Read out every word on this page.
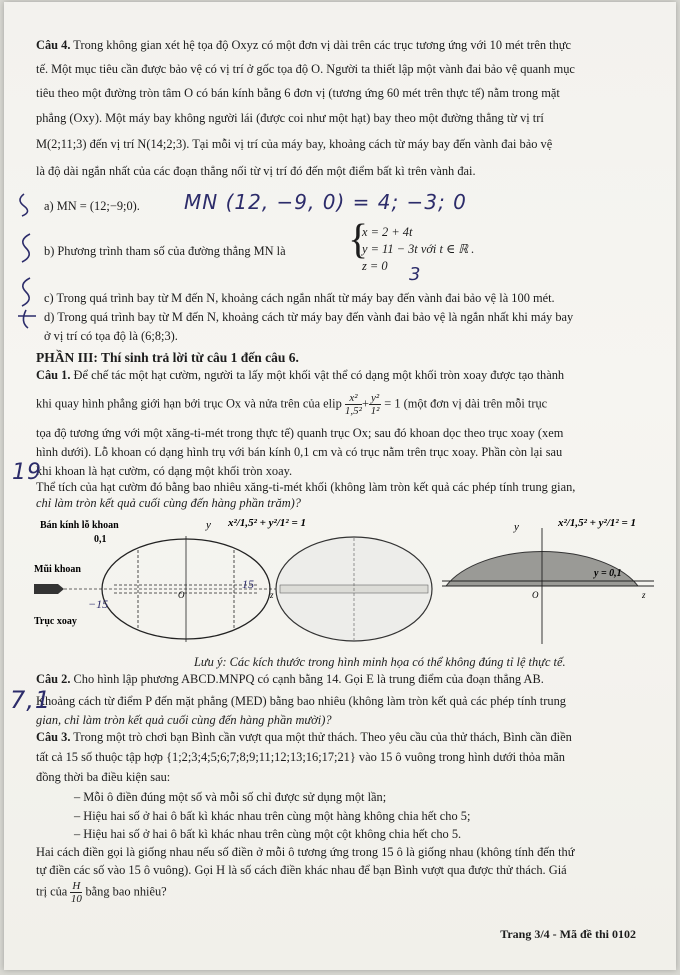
Câu 4. Trong không gian xét hệ tọa độ Oxyz có một đơn vị dài trên các trục tương ứng với 10 mét trên thực
tế. Một mục tiêu cần được bảo vệ có vị trí ở gốc tọa độ O. Người ta thiết lập một vành đai bảo vệ quanh mục
tiêu theo một đường tròn tâm O có bán kính bằng 6 đơn vị (tương ứng 60 mét trên thực tế) nằm trong mặt
phẳng (Oxy). Một máy bay không người lái (được coi như một hạt) bay theo một đường thẳng từ vị trí
M(2;11;3) đến vị trí N(14;2;3). Tại mỗi vị trí của máy bay, khoảng cách từ máy bay đến vành đai bảo vệ
là độ dài ngắn nhất của các đoạn thẳng nối từ vị trí đó đến một điểm bất kì trên vành đai.
a) MN = (12;−9;0).	MN (12, −9, 0) = 4; −3; 0
b) Phương trình tham số của đường thẳng MN là	{
x = 2 + 4t
y = 11 − 3t với t ∈ ℝ .
z = 0	3
c) Trong quá trình bay từ M đến N, khoảng cách ngắn nhất từ máy bay đến vành đai bảo vệ là 100 mét.
d) Trong quá trình bay từ M đến N, khoảng cách từ máy bay đến vành đai bảo vệ là ngắn nhất khi máy bay
ở vị trí có tọa độ là (6;8;3).
PHẦN III: Thí sinh trả lời từ câu 1 đến câu 6.
Câu 1. Để chế tác một hạt cườm, người ta lấy một khối vật thể có dạng một khối tròn xoay được tạo thành
khi quay hình phẳng giới hạn bởi trục Ox và nửa trên của elip $\frac{\text{x²}}{\text{1,5²}} + \frac{\text{y²}}{\text{1²}} = 1$ (một đơn vị dài trên mỗi trục
tọa độ tương ứng với một xăng-ti-mét trong thực tế) quanh trục Ox; sau đó khoan dọc theo trục xoay (xem
hình dưới). Lỗ khoan có dạng hình trụ với bán kính 0,1 cm và có trục nằm trên trục xoay. Phần còn lại sau
khi khoan là hạt cườm, có dạng một khối tròn xoay.
Thể tích của hạt cườm đó bằng bao nhiêu xăng-ti-mét khối (không làm tròn kết quả các phép tính trung gian,
chỉ làm tròn kết quả cuối cùng đến hàng phần trăm)?
19
Bán kính lỗ khoan
0,1
Mũi khoan
Trục xoay
y x²/1,5² + y²/1² = 1
O	z
15
−15
y	x²/1,5² + y²/1² = 1
y = 0,1
O	z
Lưu ý: Các kích thước trong hình minh họa có thể không đúng tỉ lệ thực tế.
Câu 2. Cho hình lập phương ABCD.MNPQ có cạnh bằng 14. Gọi E là trung điểm của đoạn thẳng AB.
Khoảng cách từ điểm P đến mặt phẳng (MED) bằng bao nhiêu (không làm tròn kết quả các phép tính trung
gian, chỉ làm tròn kết quả cuối cùng đến hàng phần mười)?
7,1
Câu 3. Trong một trò chơi bạn Bình cần vượt qua một thử thách. Theo yêu cầu của thử thách, Bình cần điền
tất cả 15 số thuộc tập hợp {1;2;3;4;5;6;7;8;9;11;12;13;16;17;21} vào 15 ô vuông trong hình dưới thỏa mãn
đồng thời ba điều kiện sau:
– Mỗi ô điền đúng một số và mỗi số chỉ được sử dụng một lần;
– Hiệu hai số ở hai ô bất kì khác nhau trên cùng một hàng không chia hết cho 5;
– Hiệu hai số ở hai ô bất kì khác nhau trên cùng một cột không chia hết cho 5.
Hai cách điền gọi là giống nhau nếu số điền ở mỗi ô tương ứng trong 15 ô là giống nhau (không tính đến thứ
tự điền các số vào 15 ô vuông). Gọi H là số cách điền khác nhau để bạn Bình vượt qua được thử thách. Giá
trị của $\frac{H}{10}$ bằng bao nhiêu?
Trang 3/4 - Mã đề thi 0102
